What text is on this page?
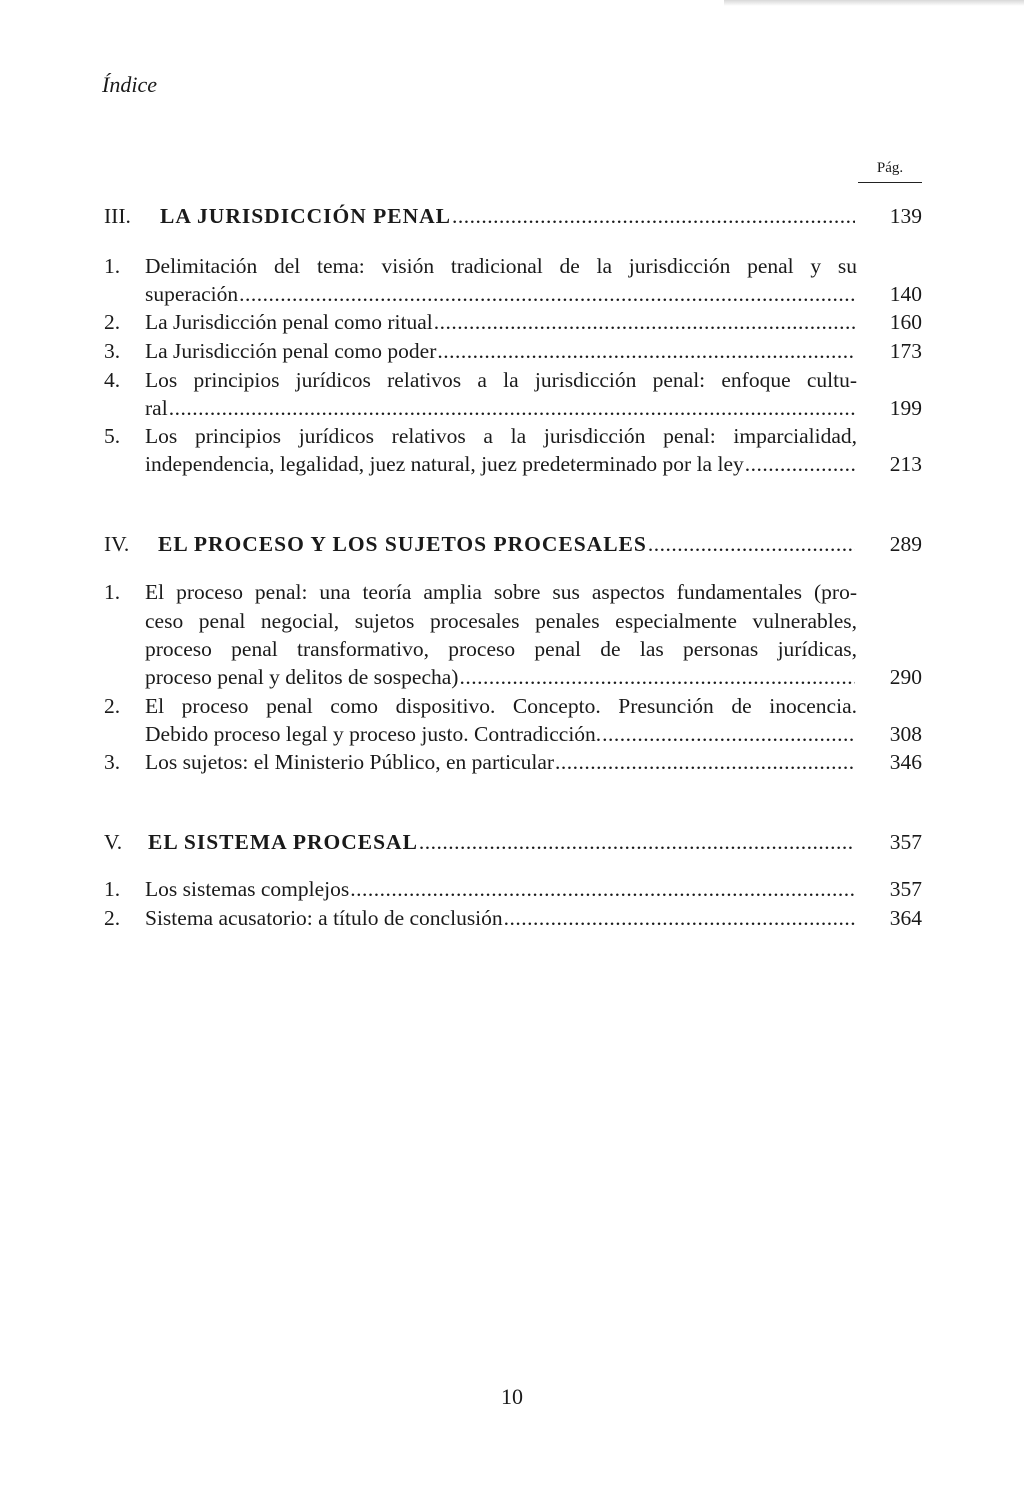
Índice
Pág.
III. LA JURISDICCIÓN PENAL .....	139
1. Delimitación del tema: visión tradicional de la jurisdicción penal y su
superación .....	140
2. La Jurisdicción penal como ritual .....	160
3. La Jurisdicción penal como poder .....	173
4. Los principios jurídicos relativos a la jurisdicción penal: enfoque cultu-
ral .....	199
5. Los principios jurídicos relativos a la jurisdicción penal: imparcialidad,
independencia, legalidad, juez natural, juez predeterminado por la ley .....	213
IV. EL PROCESO Y LOS SUJETOS PROCESALES .....	289
1. El proceso penal: una teoría amplia sobre sus aspectos fundamentales (pro-
ceso penal negocial, sujetos procesales penales especialmente vulnerables,
proceso penal transformativo, proceso penal de las personas jurídicas,
proceso penal y delitos de sospecha) .....	290
2. El proceso penal como dispositivo. Concepto. Presunción de inocencia.
Debido proceso legal y proceso justo. Contradicción. .....	308
3. Los sujetos: el Ministerio Público, en particular .....	346
V. EL SISTEMA PROCESAL .....	357
1. Los sistemas complejos .....	357
2. Sistema acusatorio: a título de conclusión .....	364
10
